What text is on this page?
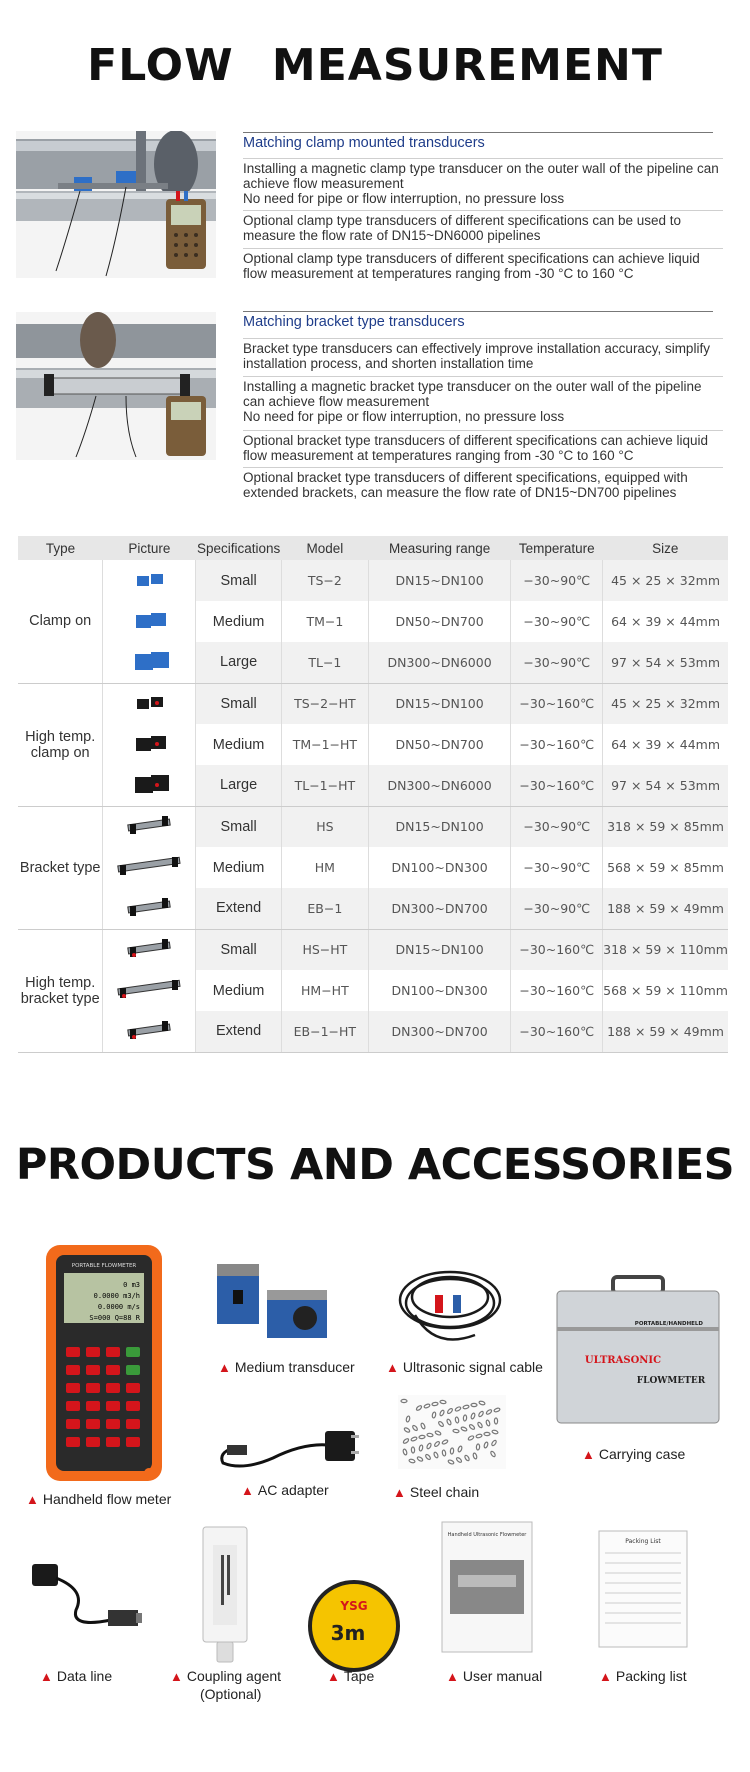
FLOW MEASUREMENT
Matching clamp mounted transducers
Installing a magnetic clamp type transducer on the outer wall of the pipeline can achieve flow measurement
No need for pipe or flow interruption, no pressure loss
Optional clamp type transducers of different specifications can be used to measure the flow rate of DN15~DN6000 pipelines
Optional clamp type transducers of different specifications can achieve liquid flow measurement at temperatures ranging from -30 °C to 160 °C
Matching bracket type transducers
Bracket type transducers can effectively improve installation accuracy, simplify installation process, and shorten installation time
Installing a magnetic bracket type transducer on the outer wall of the pipeline can achieve flow measurement
No need for pipe or flow interruption, no pressure loss
Optional bracket type transducers of different specifications can achieve liquid flow measurement at temperatures ranging from -30 °C to 160 °C
Optional bracket type transducers of different specifications, equipped with extended brackets, can measure the flow rate of DN15~DN700 pipelines
Type	Picture	Specifications	Model	Measuring range	Temperature	Size
Clamp on		Small	TS−2	DN15~DN100	−30~90℃	45 × 25 × 32mm
	Medium	TM−1	DN50~DN700	−30~90℃	64 × 39 × 44mm
	Large	TL−1	DN300~DN6000	−30~90℃	97 × 54 × 53mm
High temp.
clamp on		Small	TS−2−HT	DN15~DN100	−30~160℃	45 × 25 × 32mm
	Medium	TM−1−HT	DN50~DN700	−30~160℃	64 × 39 × 44mm
	Large	TL−1−HT	DN300~DN6000	−30~160℃	97 × 54 × 53mm
Bracket type		Small	HS	DN15~DN100	−30~90℃	318 × 59 × 85mm
	Medium	HM	DN100~DN300	−30~90℃	568 × 59 × 85mm
	Extend	EB−1	DN300~DN700	−30~90℃	188 × 59 × 49mm
High temp.
bracket type		Small	HS−HT	DN15~DN100	−30~160℃	318 × 59 × 110mm
	Medium	HM−HT	DN100~DN300	−30~160℃	568 × 59 × 110mm
	Extend	EB−1−HT	DN300~DN700	−30~160℃	188 × 59 × 49mm
PRODUCTS AND ACCESSORIES
PORTABLE FLOWMETER
0 m3
0.0000 m3/h
0.0000 m/s
S=000 Q=88 R
▲ Handheld flow meter
▲ Medium transducer ▲ Ultrasonic signal cable
PORTABLE/HANDHELD
ULTRASONIC
FLOWMETER
▲ Carrying case
▲ AC adapter	▲ Steel chain
▲ Data line	▲ Coupling agent
(Optional)
YSG
3m
▲ Tape
Handheld Ultrasonic Flowmeter
▲ User manual
Packing List
▲ Packing list
